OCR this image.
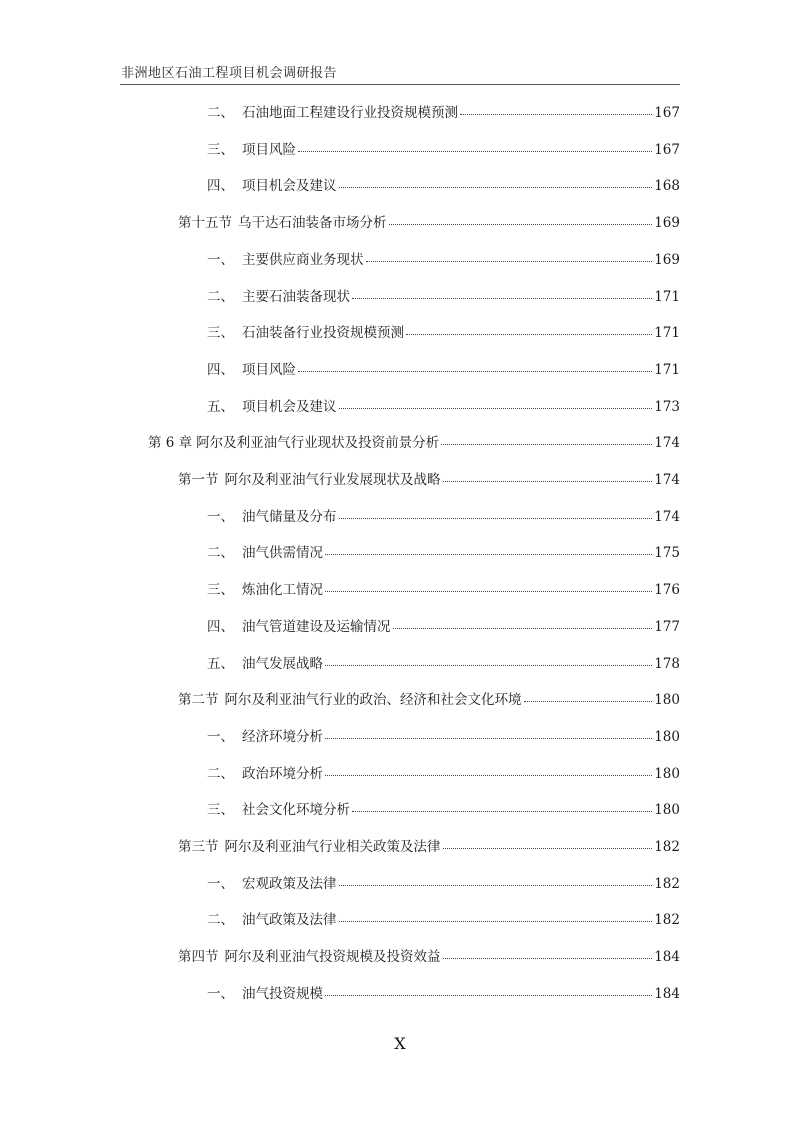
非洲地区石油工程项目机会调研报告
二、 石油地面工程建设行业投资规模预测	167
三、 项目风险	167
四、 项目机会及建议	168
第十五节 乌干达石油装备市场分析	169
一、 主要供应商业务现状	169
二、 主要石油装备现状	171
三、 石油装备行业投资规模预测	171
四、 项目风险	171
五、 项目机会及建议	173
第 6 章 阿尔及利亚油气行业现状及投资前景分析	174
第一节 阿尔及利亚油气行业发展现状及战略	174
一、 油气储量及分布	174
二、 油气供需情况	175
三、 炼油化工情况	176
四、 油气管道建设及运输情况	177
五、 油气发展战略	178
第二节 阿尔及利亚油气行业的政治、经济和社会文化环境	180
一、 经济环境分析	180
二、 政治环境分析	180
三、 社会文化环境分析	180
第三节 阿尔及利亚油气行业相关政策及法律	182
一、 宏观政策及法律	182
二、 油气政策及法律	182
第四节 阿尔及利亚油气投资规模及投资效益	184
一、 油气投资规模	184
X
